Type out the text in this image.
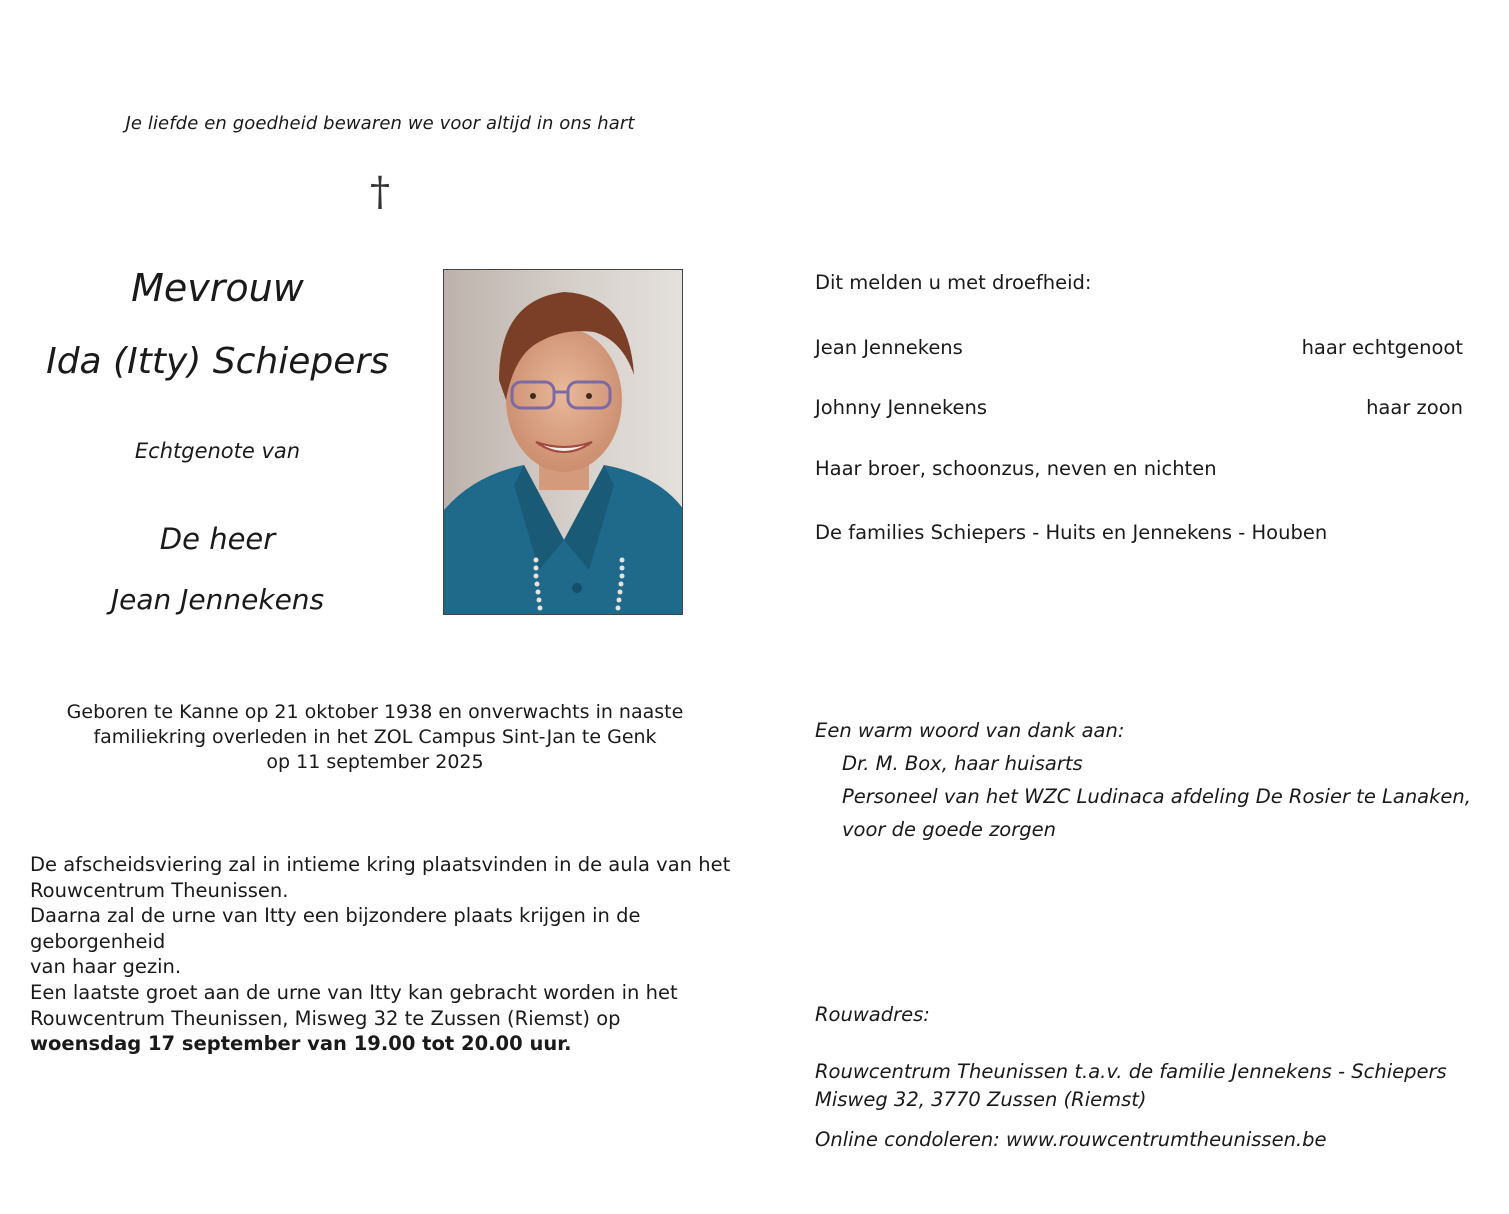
Je liefde en goedheid bewaren we voor altijd in ons hart
†
Mevrouw
Ida (Itty) Schiepers
Echtgenote van
De heer
Jean Jennekens
Geboren te Kanne op 21 oktober 1938 en onverwachts in naaste
familiekring overleden in het ZOL Campus Sint-Jan te Genk
op 11 september 2025
De afscheidsviering zal in intieme kring plaatsvinden in de aula van het
Rouwcentrum Theunissen.
Daarna zal de urne van Itty een bijzondere plaats krijgen in de geborgenheid
van haar gezin.
Een laatste groet aan de urne van Itty kan gebracht worden in het
Rouwcentrum Theunissen, Misweg 32 te Zussen (Riemst) op
woensdag 17 september van 19.00 tot 20.00 uur.
Dit melden u met droefheid:
Jean Jennekens	haar echtgenoot
Johnny Jennekens	haar zoon
Haar broer, schoonzus, neven en nichten
De families Schiepers - Huits en Jennekens - Houben
Een warm woord van dank aan:
Dr. M. Box, haar huisarts
Personeel van het WZC Ludinaca afdeling De Rosier te Lanaken,
voor de goede zorgen
Rouwadres:
Rouwcentrum Theunissen t.a.v. de familie Jennekens - Schiepers
Misweg 32, 3770 Zussen (Riemst)
Online condoleren: www.rouwcentrumtheunissen.be
